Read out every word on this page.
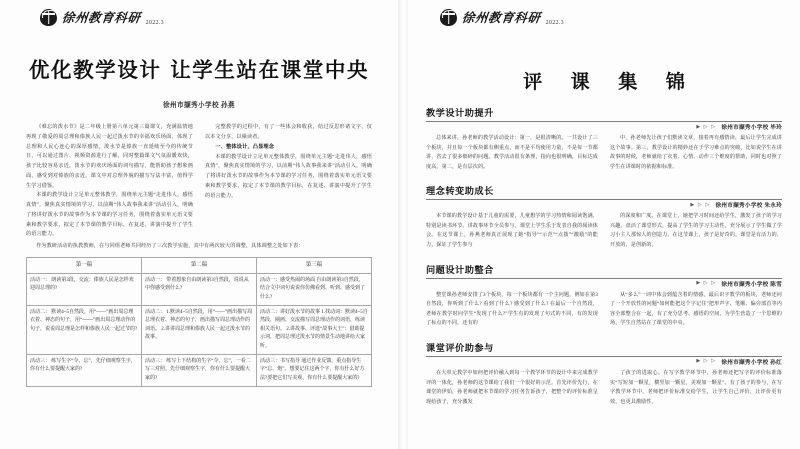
徐州教育科研 2022.3
优化教学设计 让学生站在课堂中央
徐州市撷秀小学校 孙燕

《难忘的泼水节》是二年级上册第六单元第三篇课文，充满温情地再现了敬爱的周总理和傣族人民一起过泼水节的幸福欢乐场面，体现了总理和人民心连心的深厚感情。泼水节是傣族一直延续至今的传统节日，可以通过图片、视频资源进行了解，同时整篇课文气氛温暖欢快，孩子比较容易亲近。泼水节的欢庆场面的词句描写，能帮助孩子想象画面，感受到对傣族的亲近。课文中对总理外貌的描写写法丰富，值得学生学习借鉴。

本课的教学设计立足单元整体教学，围绕单元主题“走进伟人，感悟真情”，聚焦真实情境的学习，以前期“伟人故事我来讲”活动引入，明确了将讲好泼水节的故事作为本节课的学习任务，围绕着落实单元语文要素和教学要求，拟定了本节课的教学目标，在复述、讲演中提升了学生的语言能力。

完整教学的过程中，有了一些体会和收获，给过反思形诸文字，仅以本文分享，以飨读者。

一、整体设计，凸显理念

本课的教学设计立足单元整体教学，围绕单元主题“走进伟人，感悟真情”，聚焦真实情境的学习，以前期“伟人故事我来讲”活动引入，明确了将讲好泼水节的故事作为本节课的学习任务，围绕着落实单元语文要素和教学要求，拟定了本节课的教学目标，在复述、讲演中提升了学生的语言能力。

作为教研活动的执教教师，在与同组老师共同经历了三次教学实施，其中有两次较大的调整，具体调整之处如下表：

第一稿	第二稿	第三稿
活动一： 朗读第3段，交流：傣族人民是怎样欢迎周总理的?	活动一： 带着想象自由朗读第3自然段，说说从中你感受到什么?	活动一：感受热闹的场面 自由朗读第3自然段，结合文中词句说说你仿佛看到、听到、感受到了什么?
活动二： 默读4~5自然段，用“——”画出周总理衣着、神态的句子，用“~~~~”画出周总理动作的句子，说说周总理是怎样和傣族人民一起过节的?	活动二： 1.默读4~5自然段，用“——”画出描写周总理衣着、神态的句子，画出描写周总理动作的词语。 2.讲讲周总理和傣族人民一起过泼水节的故事。	活动二：讲好泼水节的故事 1.找动词：默读4~5自然段，圈画、交流描写周总理动作的词语，练读相关语句。 2.讲故事、评选“故事大王”：借助提示词，把周总理过泼水节的情景生动地讲给大家听。
活动三： 练写生字“令、忘”，先仔细观察生字，你有什么要提醒大家的?	活动三： 练写上下结构的生字“令、忘”，一看二写三对照。先仔细观察生字，你有什么要提醒大家的?	活动三：书写指导 通过作业反馈，重点指导生字“忘、炮”。想要记住这两个字，你有什么好方法?要把它们写美观，你有什么要提醒大家的?
徐州教育科研 2022.3
评 课 集 锦
教学设计助提升
▶ ▷ ▷ 徐州市撷秀小学校 毕玲

总体来讲，孙老师的教学活动设计：第一，是很清晰的。一共设计了三个板块，并且每一个板块都有侧重点，而不是平均使用力量，不是每一节都讲，省去了很多细碎的问题。教学活动很有条理，指向也很明确，目标达成度高。第二，是有层次的。

中，孙老师先让孩子们默读文章，接着再有感情读，最后让学生完成讲这个故事。第三，教学设计的精妙还在于学习难点的突破，比如说学生在讲故事的时候，老师就给了衣着、心情、动作三个维度的帮助，同时也对照了学生在讲课时的依据和标准。

理念转变助成长
▶ ▷ ▷ 徐州市撷秀小学校 朱永玲

本节课的教学设计基于儿童的需要，儿童想学的学习热情和阅读饱满，特别是读书环节、讲故事环节全员参与，课堂上学生乐于发表自我的阅读体会。在这节课上，孙燕老师真正展现了她“指导”“示范”“点拨”“激励”的能力，保证了学生参与

的深度和广度。在课堂上，她把学习时间还给学生，激发了孩子的学习兴趣，盘活了课堂形式，提高了学生的学习主动性，充分展示了学生做了学习小主人那惊人的创造力。在这节课上，孩子是好奇的，课堂是有活力的、开放的、是创新的。

问题设计助整合
▶ ▷ ▷ 徐州市撷秀小学校 陈雪

整堂课孙老师安排了3个板块，每一个板块都有一个主问题。例如在第3自然段，你听到了什么? 看到了什么? 感受到了什么? 在最后一个自然段，老师在教学时问学生“发现了什么?”学生有的发现了句式的不同，有的发现了标点的不同，还有的

从“多么”一词中体会到蕴含着的情感。最后识字教学的板块，老师还问了一个开放性的问题“如何能把这个字记住”把形声字、笔顺、偏旁部首等内容全部整合在一起，有了充分思考、感悟的空间，为学生营造了一个思维的场，学生自然站在了课堂的中央。

课堂评价助参与
▶ ▷ ▷ 徐州市撷秀小学校 孙红

在大单元教学中如何把评价融入到每一个教学环节的设计中来完成教学评的一体化，孙老师的这节课给了我们一个很好的示范。首先评价先行，在课堂的伊始，孙老师就把本节课的学习任务告诉孩子，把整个的评价标准呈现给孩子，充分激发

了孩子的进取心。在写字教学环节中，孙老师还把写字的评价标准落实“写短加一颗星，横竖加一颗星，美观加一颗星”。有了孩子的参与，在写字教学环节中，老师把评价标准交给学生，让学生自己评价，让评价更有效，也更具激励性。
